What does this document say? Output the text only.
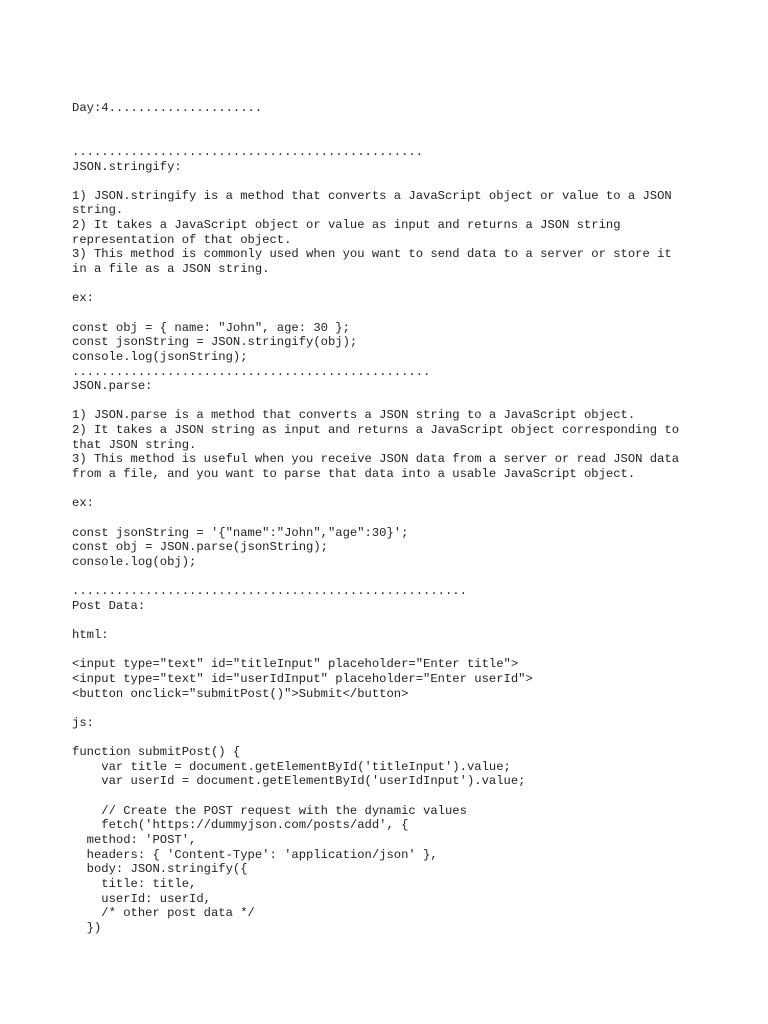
Day:4.....................
................................................
JSON.stringify:
1) JSON.stringify is a method that converts a JavaScript object or value to a JSON
string.
2) It takes a JavaScript object or value as input and returns a JSON string
representation of that object.
3) This method is commonly used when you want to send data to a server or store it
in a file as a JSON string.
ex:
const obj = { name: "John", age: 30 };
const jsonString = JSON.stringify(obj);
console.log(jsonString);
.................................................
JSON.parse:
1) JSON.parse is a method that converts a JSON string to a JavaScript object.
2) It takes a JSON string as input and returns a JavaScript object corresponding to
that JSON string.
3) This method is useful when you receive JSON data from a server or read JSON data
from a file, and you want to parse that data into a usable JavaScript object.
ex:
const jsonString = '{"name":"John","age":30}';
const obj = JSON.parse(jsonString);
console.log(obj);
......................................................
Post Data:
html:
<input type="text" id="titleInput" placeholder="Enter title">
<input type="text" id="userIdInput" placeholder="Enter userId">
<button onclick="submitPost()">Submit</button>
js:
function submitPost() {
var title = document.getElementById('titleInput').value;
var userId = document.getElementById('userIdInput').value;
// Create the POST request with the dynamic values
fetch('https://dummyjson.com/posts/add', {
method: 'POST',
headers: { 'Content-Type': 'application/json' },
body: JSON.stringify({
title: title,
userId: userId,
/* other post data */
})
